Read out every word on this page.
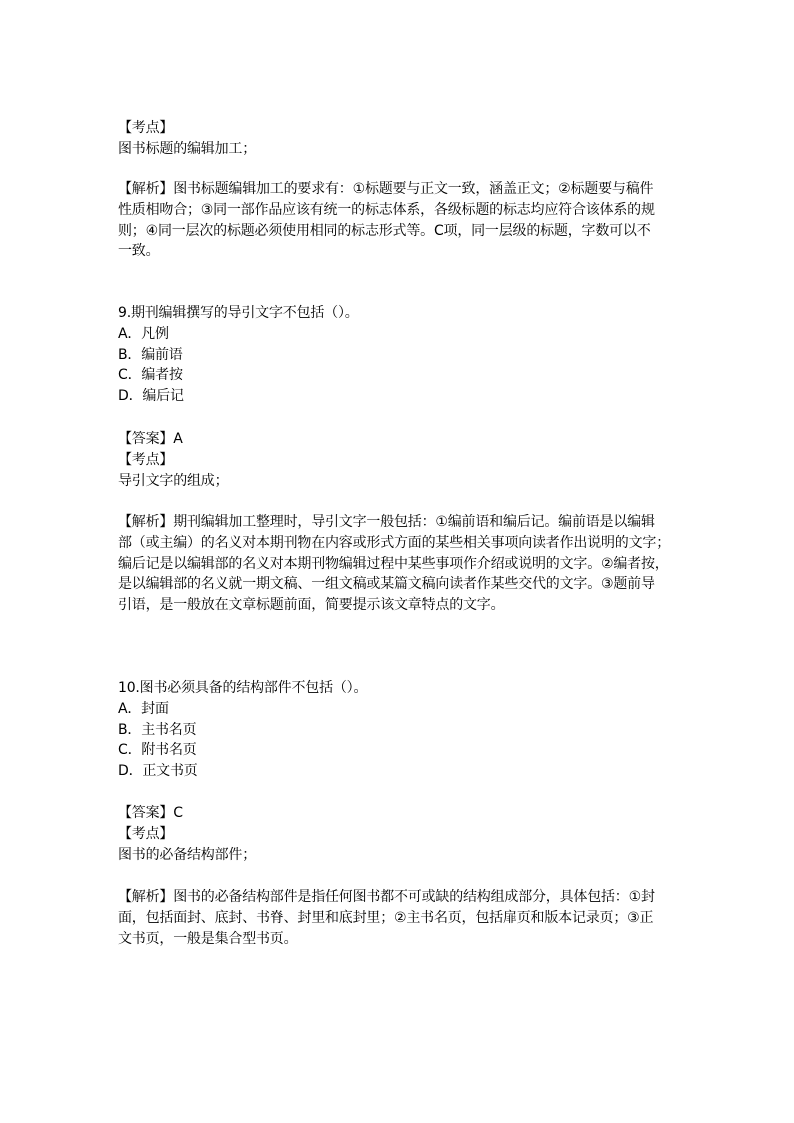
【考点】
图书标题的编辑加工；
【解析】图书标题编辑加工的要求有：①标题要与正文一致，涵盖正文；②标题要与稿件
性质相吻合；③同一部作品应该有统一的标志体系，各级标题的标志均应符合该体系的规
则；④同一层次的标题必须使用相同的标志形式等。C项，同一层级的标题，字数可以不
一致。
9.期刊编辑撰写的导引文字不包括（）。
A．凡例
B．编前语
C．编者按
D．编后记
【答案】A
【考点】
导引文字的组成；
【解析】期刊编辑加工整理时，导引文字一般包括：①编前语和编后记。编前语是以编辑
部（或主编）的名义对本期刊物在内容或形式方面的某些相关事项向读者作出说明的文字；
编后记是以编辑部的名义对本期刊物编辑过程中某些事项作介绍或说明的文字。②编者按，
是以编辑部的名义就一期文稿、一组文稿或某篇文稿向读者作某些交代的文字。③题前导
引语，是一般放在文章标题前面，简要提示该文章特点的文字。
10.图书必须具备的结构部件不包括（）。
A．封面
B．主书名页
C．附书名页
D．正文书页
【答案】C
【考点】
图书的必备结构部件；
【解析】图书的必备结构部件是指任何图书都不可或缺的结构组成部分，具体包括：①封
面，包括面封、底封、书脊、封里和底封里；②主书名页，包括扉页和版本记录页；③正
文书页，一般是集合型书页。
